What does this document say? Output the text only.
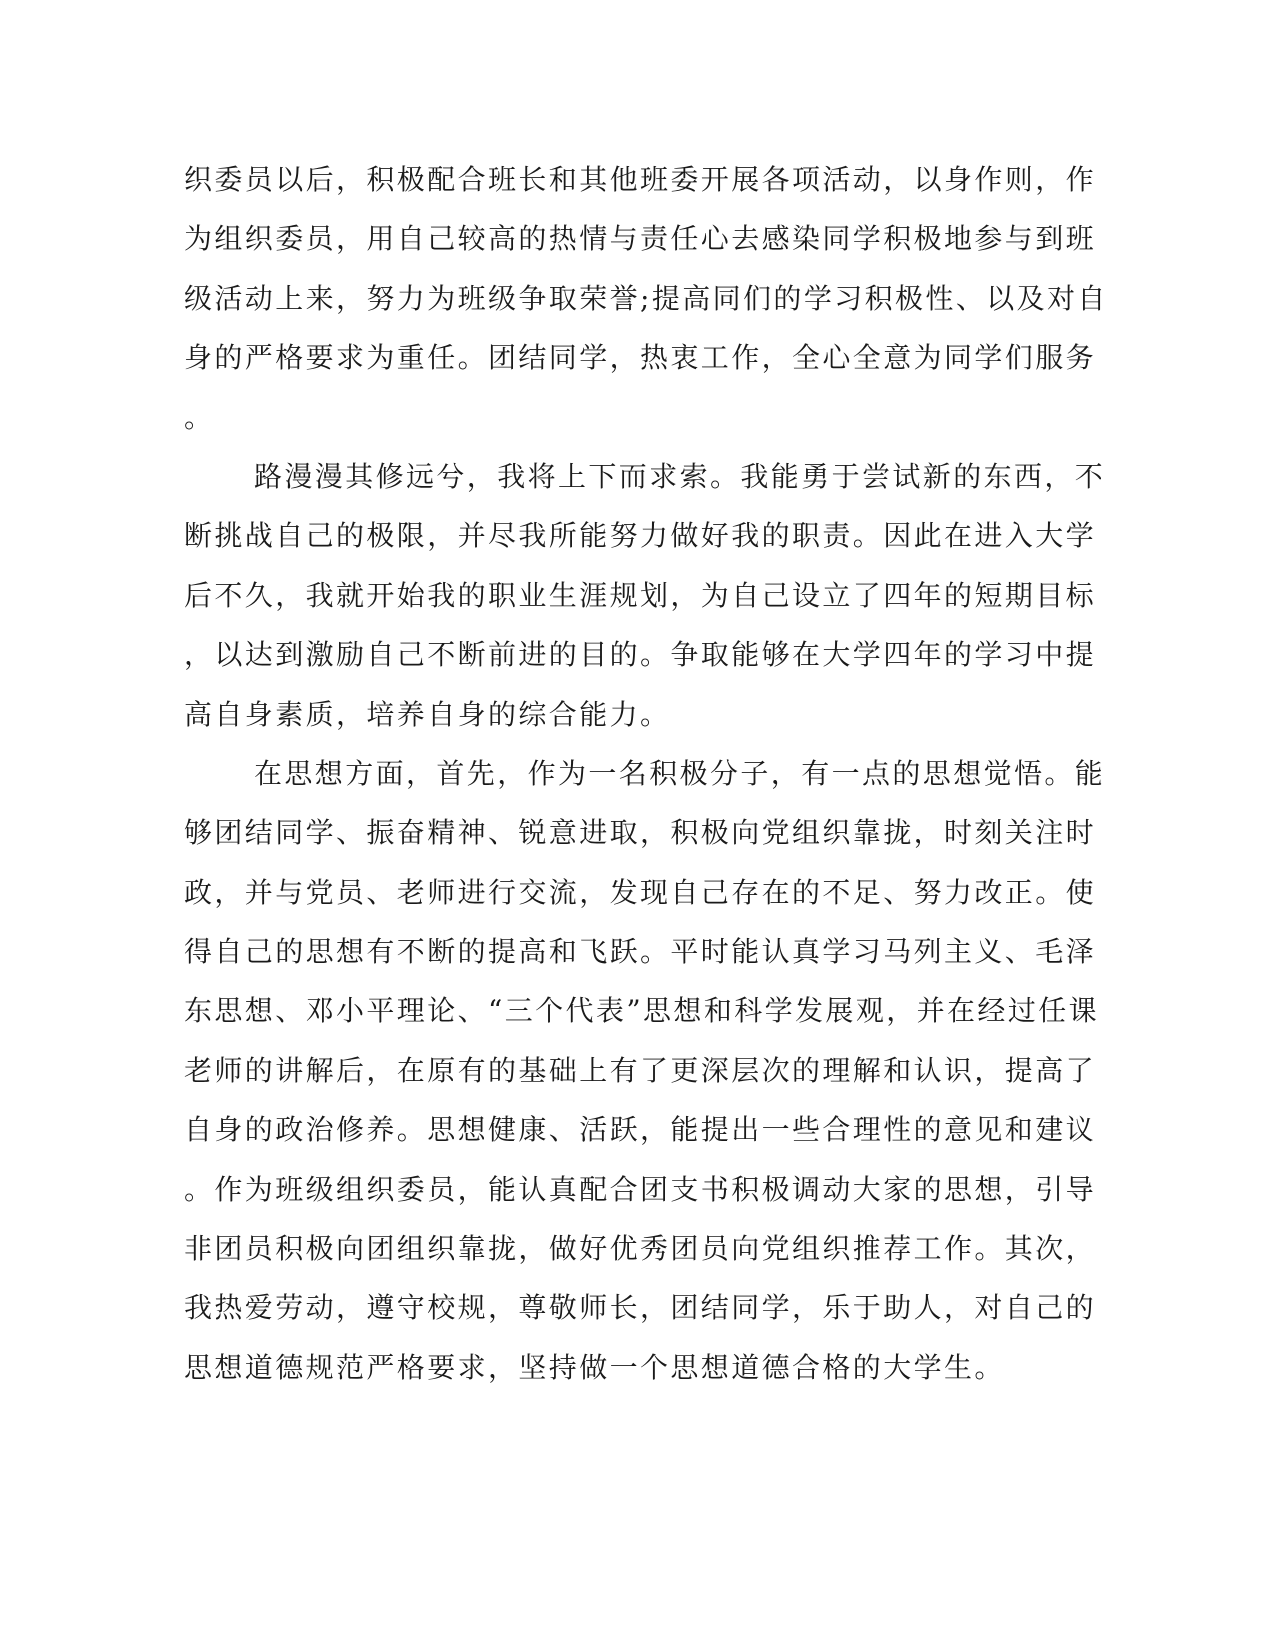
织委员以后，积极配合班长和其他班委开展各项活动，以身作则，作
为组织委员，用自己较高的热情与责任心去感染同学积极地参与到班
级活动上来，努力为班级争取荣誉;提高同们的学习积极性、以及对自
身的严格要求为重任。团结同学，热衷工作，全心全意为同学们服务
。
路漫漫其修远兮，我将上下而求索。我能勇于尝试新的东西，不
断挑战自己的极限，并尽我所能努力做好我的职责。因此在进入大学
后不久，我就开始我的职业生涯规划，为自己设立了四年的短期目标
，以达到激励自己不断前进的目的。争取能够在大学四年的学习中提
高自身素质，培养自身的综合能力。
在思想方面，首先，作为一名积极分子，有一点的思想觉悟。能
够团结同学、振奋精神、锐意进取，积极向党组织靠拢，时刻关注时
政，并与党员、老师进行交流，发现自己存在的不足、努力改正。使
得自己的思想有不断的提高和飞跃。平时能认真学习马列主义、毛泽
东思想、邓小平理论、“三个代表”思想和科学发展观，并在经过任课
老师的讲解后，在原有的基础上有了更深层次的理解和认识，提高了
自身的政治修养。思想健康、活跃，能提出一些合理性的意见和建议
。作为班级组织委员，能认真配合团支书积极调动大家的思想，引导
非团员积极向团组织靠拢，做好优秀团员向党组织推荐工作。其次，
我热爱劳动，遵守校规，尊敬师长，团结同学，乐于助人，对自己的
思想道德规范严格要求，坚持做一个思想道德合格的大学生。
